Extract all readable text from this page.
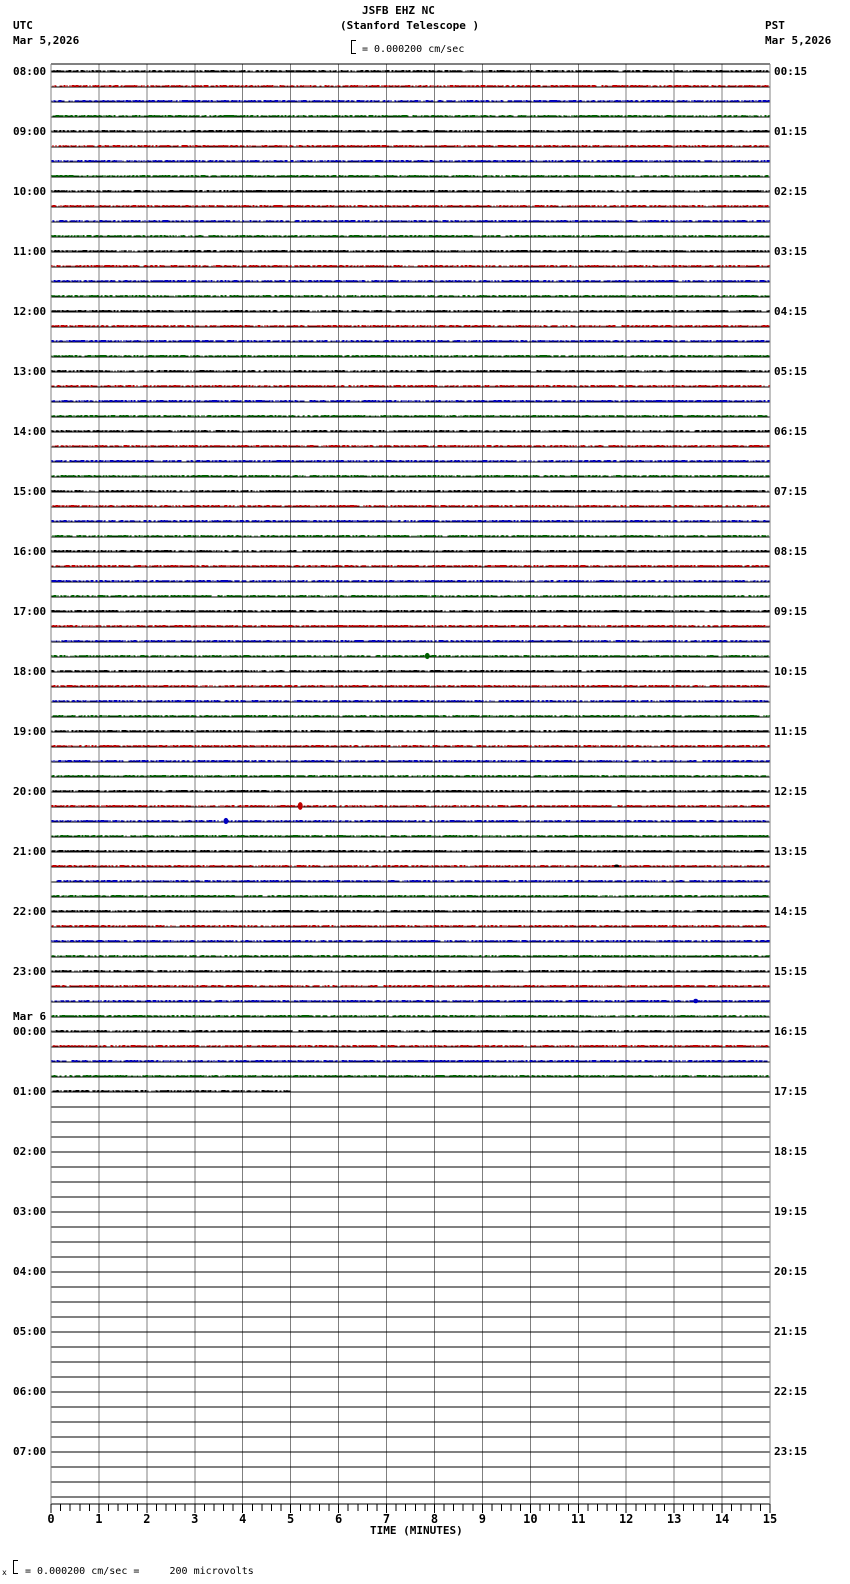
JSFB EHZ NC
(Stanford Telescope )
UTC
Mar 5,2026
PST
Mar 5,2026
= 0.000200 cm/sec
08:00
09:00
10:00
11:00
12:00
13:00
14:00
15:00
16:00
17:00
18:00
19:00
20:00
21:00
22:00
23:00
Mar 6
00:00
01:00
02:00
03:00
04:00
05:00
06:00
07:00
00:15
01:15
02:15
03:15
04:15
05:15
06:15
07:15
08:15
09:15
10:15
11:15
12:15
13:15
14:15
15:15
16:15
17:15
18:15
19:15
20:15
21:15
22:15
23:15
0	1	2	3	4	5	6	7	8	9	10	11	12	13	14	15
TIME (MINUTES)
x = 0.000200 cm/sec =     200 microvolts
